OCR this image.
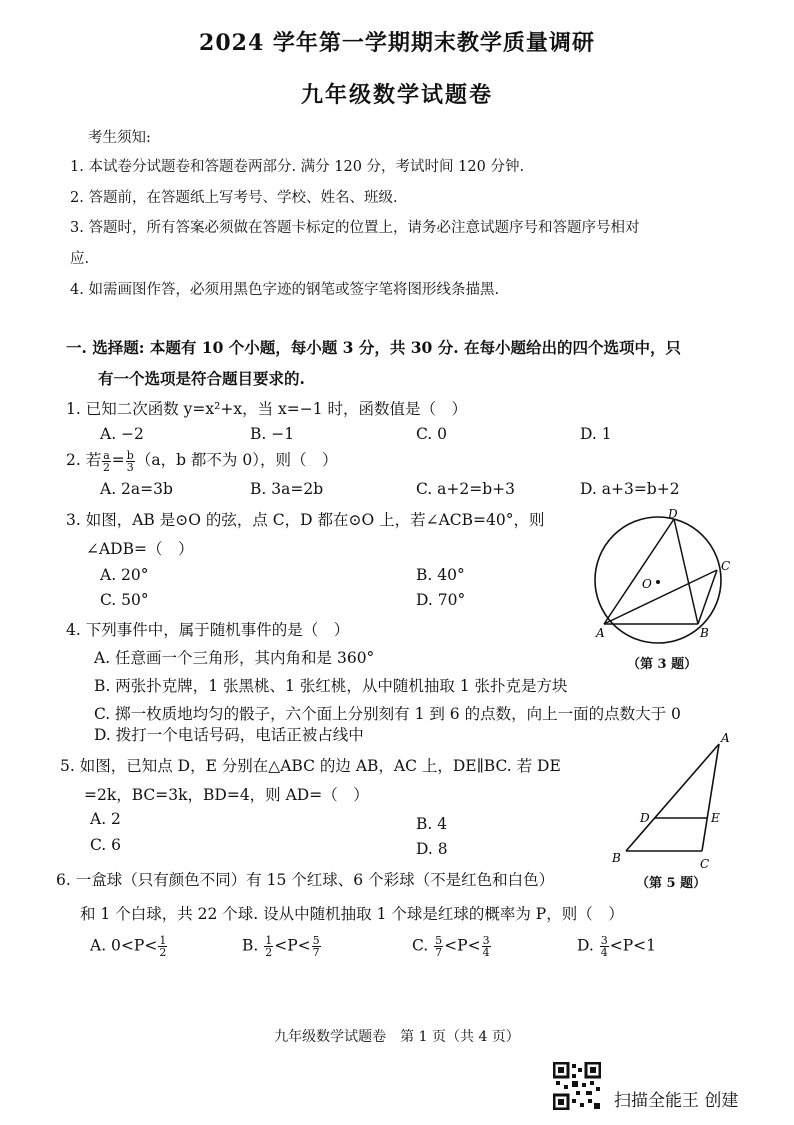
2024 学年第一学期期末教学质量调研
九年级数学试题卷
考生须知:
1. 本试卷分试题卷和答题卷两部分. 满分 120 分，考试时间 120 分钟.
2. 答题前，在答题纸上写考号、学校、姓名、班级.
3. 答题时，所有答案必须做在答题卡标定的位置上，请务必注意试题序号和答题序号相对
应.
4. 如需画图作答，必须用黑色字迹的钢笔或签字笔将图形线条描黑.
一. 选择题: 本题有 10 个小题，每小题 3 分，共 30 分. 在每小题给出的四个选项中，只
有一个选项是符合题目要求的.
1. 已知二次函数 y=x²+x，当 x=−1 时，函数值是（　）
A. −2	B. −1	C. 0	D. 1
2. 若 $\frac{a}{2} = \frac{b}{3} (a$，b 都不为 0），则（　）
A. 2a=3b	B. 3a=2b	C. a+2=b+3	D. a+3=b+2
3. 如图，AB 是⊙O 的弦，点 C，D 都在⊙O 上，若∠ACB=40°，则
∠ADB=（　）
A. 20°	B. 40°
C. 50°	D. 70°
A	B
C
D
O
（第 3 题）
4. 下列事件中，属于随机事件的是（　）
A. 任意画一个三角形，其内角和是 360°
B. 两张扑克牌，1 张黑桃、1 张红桃，从中随机抽取 1 张扑克是方块
C. 掷一枚质地均匀的骰子，六个面上分别刻有 1 到 6 的点数，向上一面的点数大于 0
D. 拨打一个电话号码，电话正被占线中
5. 如图，已知点 D，E 分别在△ABC 的边 AB，AC 上，DE∥BC. 若 DE
=2k，BC=3k，BD=4，则 AD=（　）
A. 2	B. 4
C. 6	D. 8
A
B	C
D	E
（第 5 题）
6. 一盒球（只有颜色不同）有 15 个红球、6 个彩球（不是红色和白色）
和 1 个白球，共 22 个球. 设从中随机抽取 1 个球是红球的概率为 P，则（　）
A. $0<P< \frac{1}{2}$	B. $\frac{1}{2} <P< \frac{5}{7}$	C. $\frac{5}{7} <P< \frac{3}{4}$	D. $\frac{3}{4} <P<1$
九年级数学试题卷　第 1 页（共 4 页）
扫描全能王 创建
